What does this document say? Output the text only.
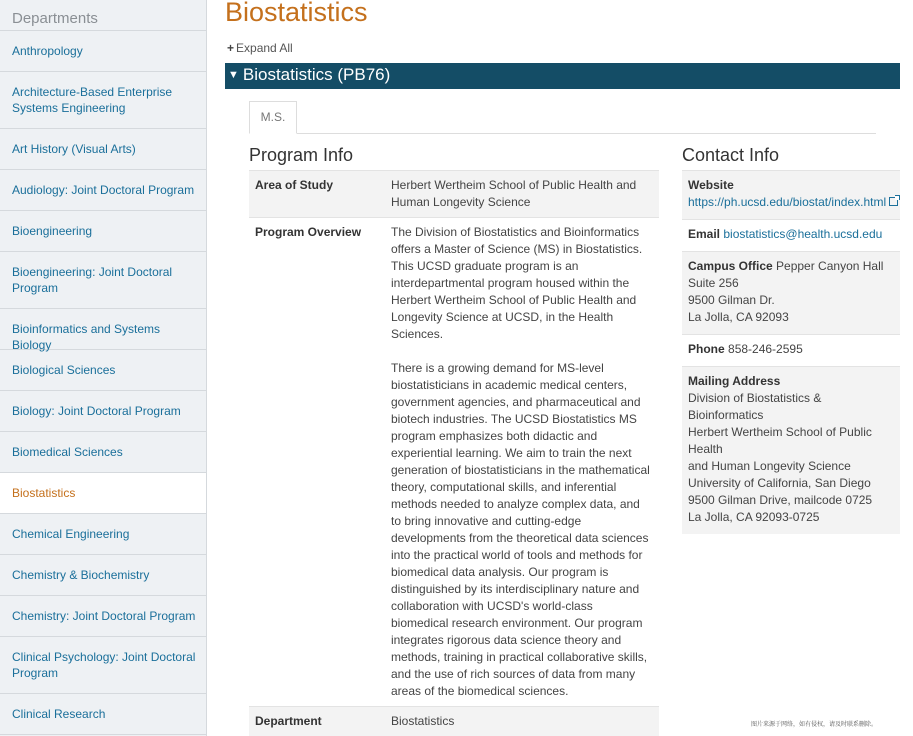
Departments
Anthropology
Architecture-Based Enterprise Systems Engineering
Art History (Visual Arts)
Audiology: Joint Doctoral Program
Bioengineering
Bioengineering: Joint Doctoral Program
Bioinformatics and Systems Biology
Biological Sciences
Biology: Joint Doctoral Program
Biomedical Sciences
Biostatistics
Chemical Engineering
Chemistry & Biochemistry
Chemistry: Joint Doctoral Program
Clinical Psychology: Joint Doctoral Program
Clinical Research
Biostatistics
+ Expand All
▼ Biostatistics (PB76)
M.S.
Program Info	Contact Info
Area of Study	Herbert Wertheim School of Public Health and Human Longevity Science
Program Overview	The Division of Biostatistics and Bioinformatics offers a Master of Science (MS) in Biostatistics. This UCSD graduate program is an interdepartmental program housed within the Herbert Wertheim School of Public Health and Longevity Science at UCSD, in the Health Sciences.

There is a growing demand for MS-level biostatisticians in academic medical centers, government agencies, and pharmaceutical and biotech industries. The UCSD Biostatistics MS program emphasizes both didactic and experiential learning. We aim to train the next generation of biostatisticians in the mathematical theory, computational skills, and inferential methods needed to analyze complex data, and to bring innovative and cutting-edge developments from the theoretical data sciences into the practical world of tools and methods for biomedical data analysis. Our program is distinguished by its interdisciplinary nature and collaboration with UCSD's world-class biomedical research environment. Our program integrates rigorous data science theory and methods, training in practical collaborative skills, and the use of rich sources of data from many areas of the biomedical sciences.

Department	Biostatistics
Website
https://ph.ucsd.edu/biostat/index.html
Email biostatistics@health.ucsd.edu
Campus Office Pepper Canyon Hall
Suite 256
9500 Gilman Dr.
La Jolla, CA 92093
Phone 858-246-2595
Mailing Address
Division of Biostatistics & Bioinformatics
Herbert Wertheim School of Public Health
and Human Longevity Science
University of California, San Diego
9500 Gilman Drive, mailcode 0725
La Jolla, CA 92093-0725
图片来源于网络，如有侵权，请及时联系删除。
